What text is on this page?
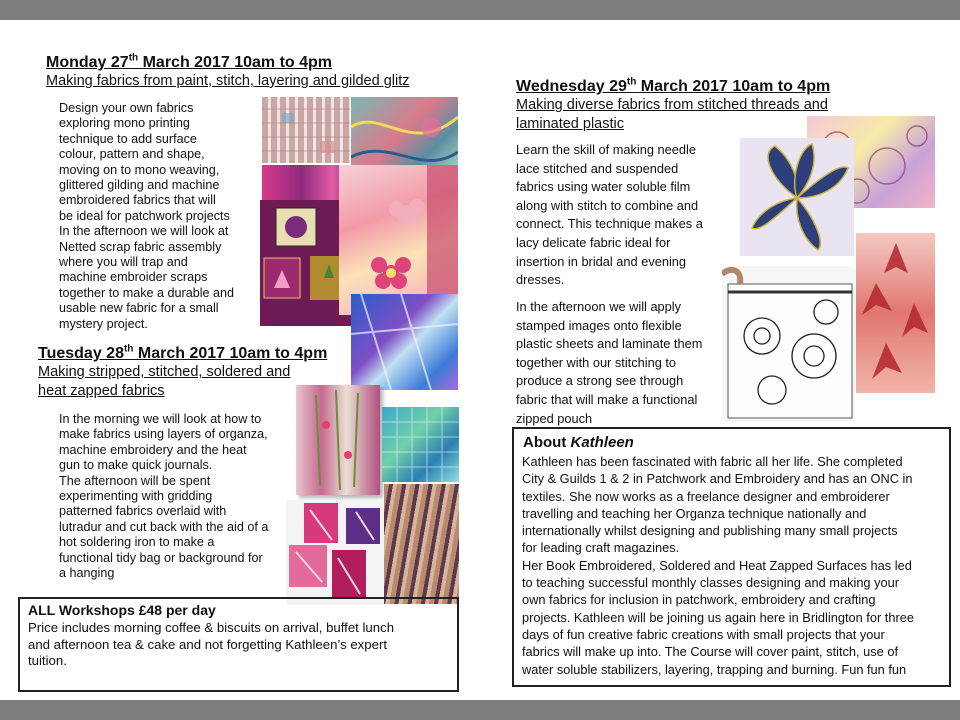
Monday 27th March 2017 10am to 4pm
Making fabrics from paint, stitch, layering and gilded glitz
Design your own fabrics
exploring mono printing
technique to add surface
colour, pattern and shape,
moving on to mono weaving,
glittered gilding and machine
embroidered fabrics that will
be ideal for patchwork projects
In the afternoon we will look at
Netted scrap fabric assembly
where you will trap and
machine embroider scraps
together to make a durable and
usable new fabric for a small
mystery project.
Tuesday 28th March 2017 10am to 4pm
Making stripped, stitched, soldered and
heat zapped fabrics
In the morning we will look at how to
make fabrics using layers of organza,
machine embroidery and the heat
gun to make quick journals.
The afternoon will be spent
experimenting with gridding
patterned fabrics overlaid with
lutradur and cut back with the aid of a
hot soldering iron to make a
functional tidy bag or background for
a hanging
ALL Workshops £48 per day
Price includes morning coffee & biscuits on arrival, buffet lunch
and afternoon tea & cake and not forgetting Kathleen’s expert
tuition.
Wednesday 29th March 2017 10am to 4pm
Making diverse fabrics from stitched threads and
laminated plastic
Learn the skill of making needle
lace stitched and suspended
fabrics using water soluble film
along with stitch to combine and
connect. This technique makes a
lacy delicate fabric ideal for
insertion in bridal and evening
dresses.
In the afternoon we will apply
stamped images onto flexible
plastic sheets and laminate them
together with our stitching to
produce a strong see through
fabric that will make a functional
zipped pouch
About Kathleen
Kathleen has been fascinated with fabric all her life. She completed
City & Guilds 1 & 2 in Patchwork and Embroidery and has an ONC in
textiles. She now works as a freelance designer and embroiderer
travelling and teaching her Organza technique nationally and
internationally whilst designing and publishing many small projects
for leading craft magazines.
Her Book Embroidered, Soldered and Heat Zapped Surfaces has led
to teaching successful monthly classes designing and making your
own fabrics for inclusion in patchwork, embroidery and crafting
projects. Kathleen will be joining us again here in Bridlington for three
days of fun creative fabric creations with small projects that your
fabrics will make up into. The Course will cover paint, stitch, use of
water soluble stabilizers, layering, trapping and burning. Fun fun fun
